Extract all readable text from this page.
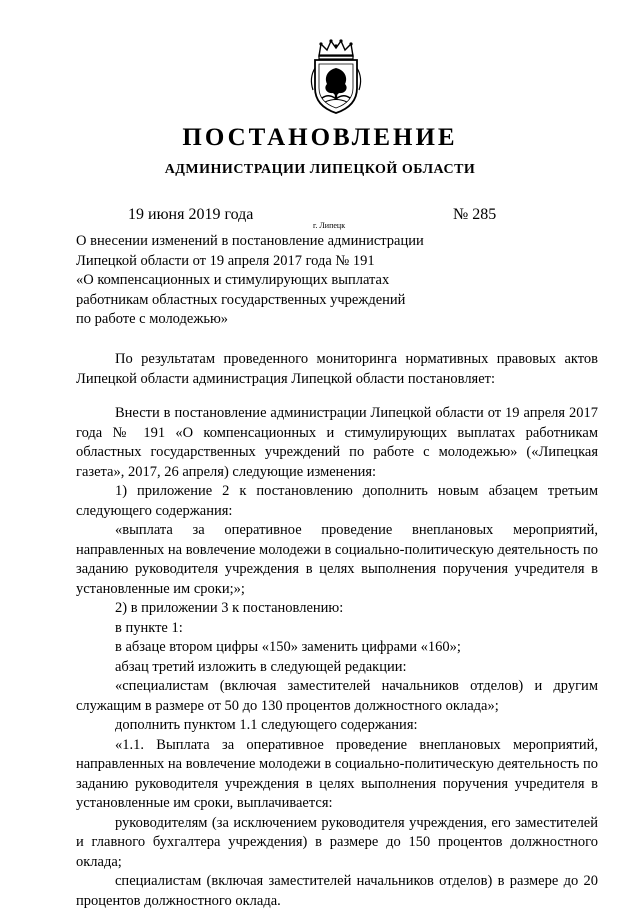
ПОСТАНОВЛЕНИЕ
АДМИНИСТРАЦИИ ЛИПЕЦКОЙ ОБЛАСТИ
19 июня 2019 года
г. Липецк
№ 285
О внесении изменений в постановление администрации
Липецкой области от 19 апреля 2017 года № 191
«О компенсационных и стимулирующих выплатах
работникам областных государственных учреждений
по работе с молодежью»

По результатам проведенного мониторинга нормативных правовых актов Липецкой области администрация Липецкой области постановляет:

Внести в постановление администрации Липецкой области от 19 апреля 2017 года № 191 «О компенсационных и стимулирующих выплатах работникам областных государственных учреждений по работе с молодежью» («Липецкая газета», 2017, 26 апреля) следующие изменения:

1) приложение 2 к постановлению дополнить новым абзацем третьим следующего содержания:

«выплата за оперативное проведение внеплановых мероприятий, направленных на вовлечение молодежи в социально-политическую деятельность по заданию руководителя учреждения в целях выполнения поручения учредителя в установленные им сроки;»;

2) в приложении 3 к постановлению:

в пункте 1:

в абзаце втором цифры «150» заменить цифрами «160»;

абзац третий изложить в следующей редакции:

«специалистам (включая заместителей начальников отделов) и другим служащим в размере от 50 до 130 процентов должностного оклада»;

дополнить пунктом 1.1 следующего содержания:

«1.1. Выплата за оперативное проведение внеплановых мероприятий, направленных на вовлечение молодежи в социально-политическую деятельность по заданию руководителя учреждения в целях выполнения поручения учредителя в установленные им сроки, выплачивается:

руководителям (за исключением руководителя учреждения, его заместителей и главного бухгалтера учреждения) в размере до 150 процентов должностного оклада;

специалистам (включая заместителей начальников отделов) в размере до 20 процентов должностного оклада.
